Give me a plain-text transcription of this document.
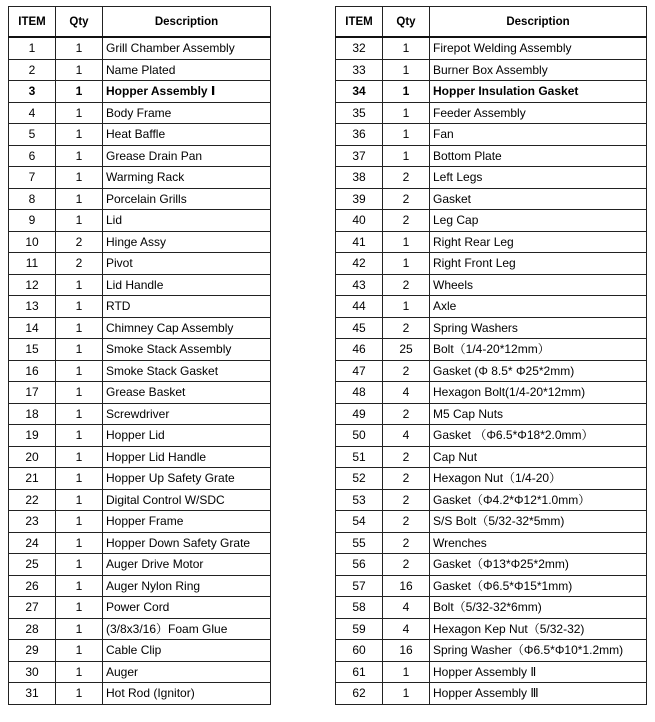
ITEM	Qty	Description
1	1	Grill Chamber Assembly
2	1	Name Plated
3	1	Hopper Assembly Ⅰ
4	1	Body Frame
5	1	Heat Baffle
6	1	Grease Drain Pan
7	1	Warming Rack
8	1	Porcelain Grills
9	1	Lid
10	2	Hinge Assy
11	2	Pivot
12	1	Lid Handle
13	1	RTD
14	1	Chimney Cap Assembly
15	1	Smoke Stack Assembly
16	1	Smoke Stack Gasket
17	1	Grease Basket
18	1	Screwdriver
19	1	Hopper Lid
20	1	Hopper Lid Handle
21	1	Hopper Up Safety Grate
22	1	Digital Control W/SDC
23	1	Hopper Frame
24	1	Hopper Down Safety Grate
25	1	Auger Drive Motor
26	1	Auger Nylon Ring
27	1	Power Cord
28	1	(3/8x3/16）Foam Glue
29	1	Cable Clip
30	1	Auger
31	1	Hot Rod (Ignitor)
ITEM	Qty	Description
32	1	Firepot Welding Assembly
33	1	Burner Box Assembly
34	1	Hopper Insulation Gasket
35	1	Feeder Assembly
36	1	Fan
37	1	Bottom Plate
38	2	Left Legs
39	2	Gasket
40	2	Leg Cap
41	1	Right Rear Leg
42	1	Right Front Leg
43	2	Wheels
44	1	Axle
45	2	Spring Washers
46	25	Bolt（1/4-20*12mm）
47	2	Gasket (Φ 8.5* Φ25*2mm)
48	4	Hexagon Bolt(1/4-20*12mm)
49	2	M5 Cap Nuts
50	4	Gasket （Φ6.5*Φ18*2.0mm）
51	2	Cap Nut
52	2	Hexagon Nut（1/4-20）
53	2	Gasket（Φ4.2*Φ12*1.0mm）
54	2	S/S Bolt（5/32-32*5mm)
55	2	Wrenches
56	2	Gasket（Φ13*Φ25*2mm)
57	16	Gasket（Φ6.5*Φ15*1mm)
58	4	Bolt（5/32-32*6mm)
59	4	Hexagon Kep Nut（5/32-32)
60	16	Spring Washer（Φ6.5*Φ10*1.2mm)
61	1	Hopper Assembly Ⅱ
62	1	Hopper Assembly Ⅲ
